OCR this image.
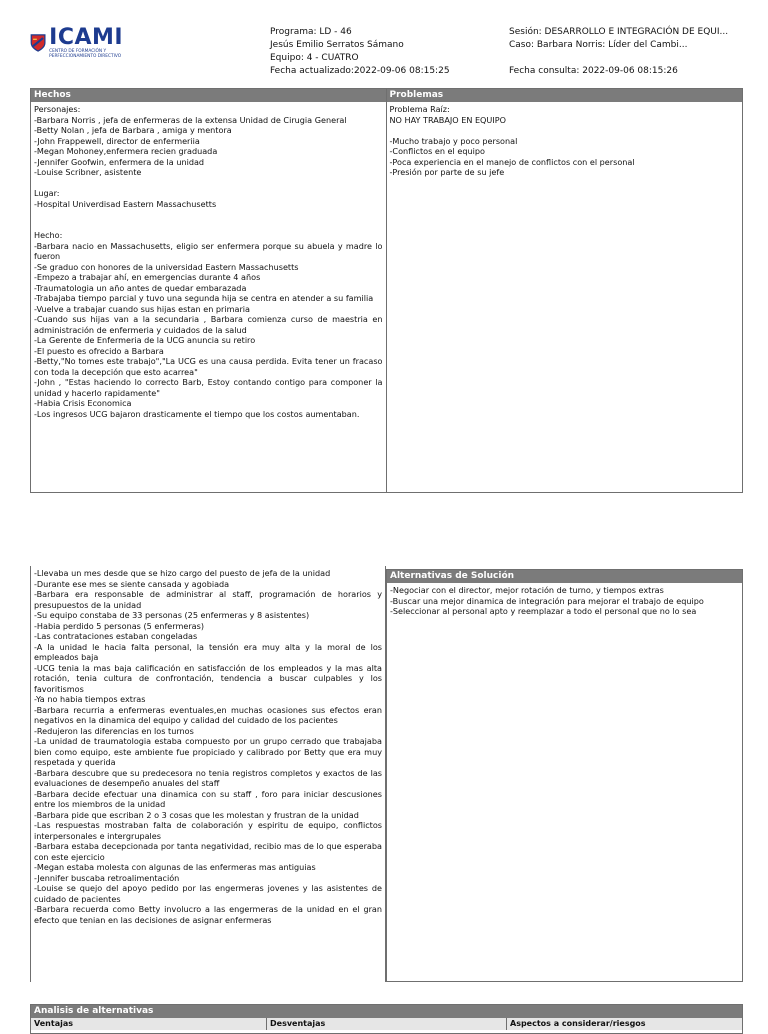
ICAMI
CENTRO DE FORMACIÓN Y PERFECCIONAMIENTO DIRECTIVO
Programa: LD - 46
Jesús Emilio Serratos Sámano
Equipo: 4 - CUATRO
Fecha actualizado:2022-09-06 08:15:25
Sesión: DESARROLLO E INTEGRACIÓN DE EQUI...
Caso: Barbara Norris: Líder del Cambi...
Fecha consulta: 2022-09-06 08:15:26
Hechos
Personajes:
-Barbara Norris , jefa de enfermeras de la extensa Unidad de Cirugia General
-Betty Nolan , jefa de Barbara , amiga y mentora
-John Frappewell, director de enfermeriia
-Megan Mohoney,enfermera recien graduada
-Jennifer Goofwin, enfermera de la unidad
-Louise Scribner, asistente

Lugar:
-Hospital Univerdisad Eastern Massachusetts

Hecho:
-Barbara nacio en Massachusetts, eligio ser enfermera porque su abuela y madre lo fueron
-Se graduo con honores de la universidad Eastern Massachusetts
-Empezo a trabajar ahí, en emergencias durante 4 años
-Traumatologia un año antes de quedar embarazada
-Trabajaba tiempo parcial y tuvo una segunda hija se centra en atender a su familia
-Vuelve a trabajar cuando sus hijas estan en primaria
-Cuando sus hijas van a la secundaria , Barbara comienza curso de maestria en administración de enfermeria y cuidados de la salud
-La Gerente de Enfermeria de la UCG anuncia su retiro
-El puesto es ofrecido a Barbara
-Betty,"No tomes este trabajo","La UCG es una causa perdida. Evita tener un fracaso con toda la decepción que esto acarrea"
-John , "Estas haciendo lo correcto Barb, Estoy contando contigo para componer la unidad y hacerlo rapidamente"
-Habia Crisis Economica
-Los ingresos UCG bajaron drasticamente el tiempo que los costos aumentaban.
Problemas
Problema Raíz:
NO HAY TRABAJO EN EQUIPO

-Mucho trabajo y poco personal
-Conflictos en el equipo
-Poca experiencia en el manejo de conflictos con el personal
-Presión por parte de su jefe
-Llevaba un mes desde que se hizo cargo del puesto de jefa de la unidad
-Durante ese mes se siente cansada y agobiada
-Barbara era responsable de administrar al staff, programación de horarios y presupuestos de la unidad
-Su equipo constaba de 33 personas (25 enfermeras y 8 asistentes)
-Habia perdido 5 personas (5 enfermeras)
-Las contrataciones estaban congeladas
-A la unidad le hacia falta personal, la tensión era muy alta y la moral de los empleados baja
-UCG tenia la mas baja calificación en satisfacción de los empleados y la mas alta rotación, tenia cultura de confrontación, tendencia a buscar culpables y los favoritismos
-Ya no habia tiempos extras
-Barbara recurria a enfermeras eventuales,en muchas ocasiones sus efectos eran negativos en la dinamica del equipo y calidad del cuidado de los pacientes
-Redujeron las diferencias en los turnos
-La unidad de traumatologia estaba compuesto por un grupo cerrado que trabajaba bien como equipo, este ambiente fue propiciado y calibrado por Betty que era muy respetada y querida
-Barbara descubre que su predecesora no tenia registros completos y exactos de las evaluaciones de desempeño anuales del staff
-Barbara decide efectuar una dinamica con su staff , foro para iniciar descusiones entre los miembros de la unidad
-Barbara pide que escriban 2 o 3 cosas que les molestan y frustran de la unidad
-Las respuestas mostraban falta de colaboración y espiritu de equipo, conflictos interpersonales e intergrupales
-Barbara estaba decepcionada por tanta negatividad, recibio mas de lo que esperaba con este ejercicio
-Megan estaba molesta con algunas de las enfermeras mas antiguias
-Jennifer buscaba retroalimentación
-Louise se quejo del apoyo pedido por las engermeras jovenes y las asistentes de cuidado de pacientes
-Barbara recuerda como Betty involucro a las engermeras de la unidad en el gran efecto que tenian en las decisiones de asignar enfermeras
Alternativas de Solución
-Negociar con el director, mejor rotación de turno, y tiempos extras
-Buscar una mejor dinamica de integración para mejorar el trabajo de equipo
-Seleccionar al personal apto y reemplazar a todo el personal que no lo sea
Analisis de alternativas
Ventajas	Desventajas	Aspectos a considerar/riesgos
